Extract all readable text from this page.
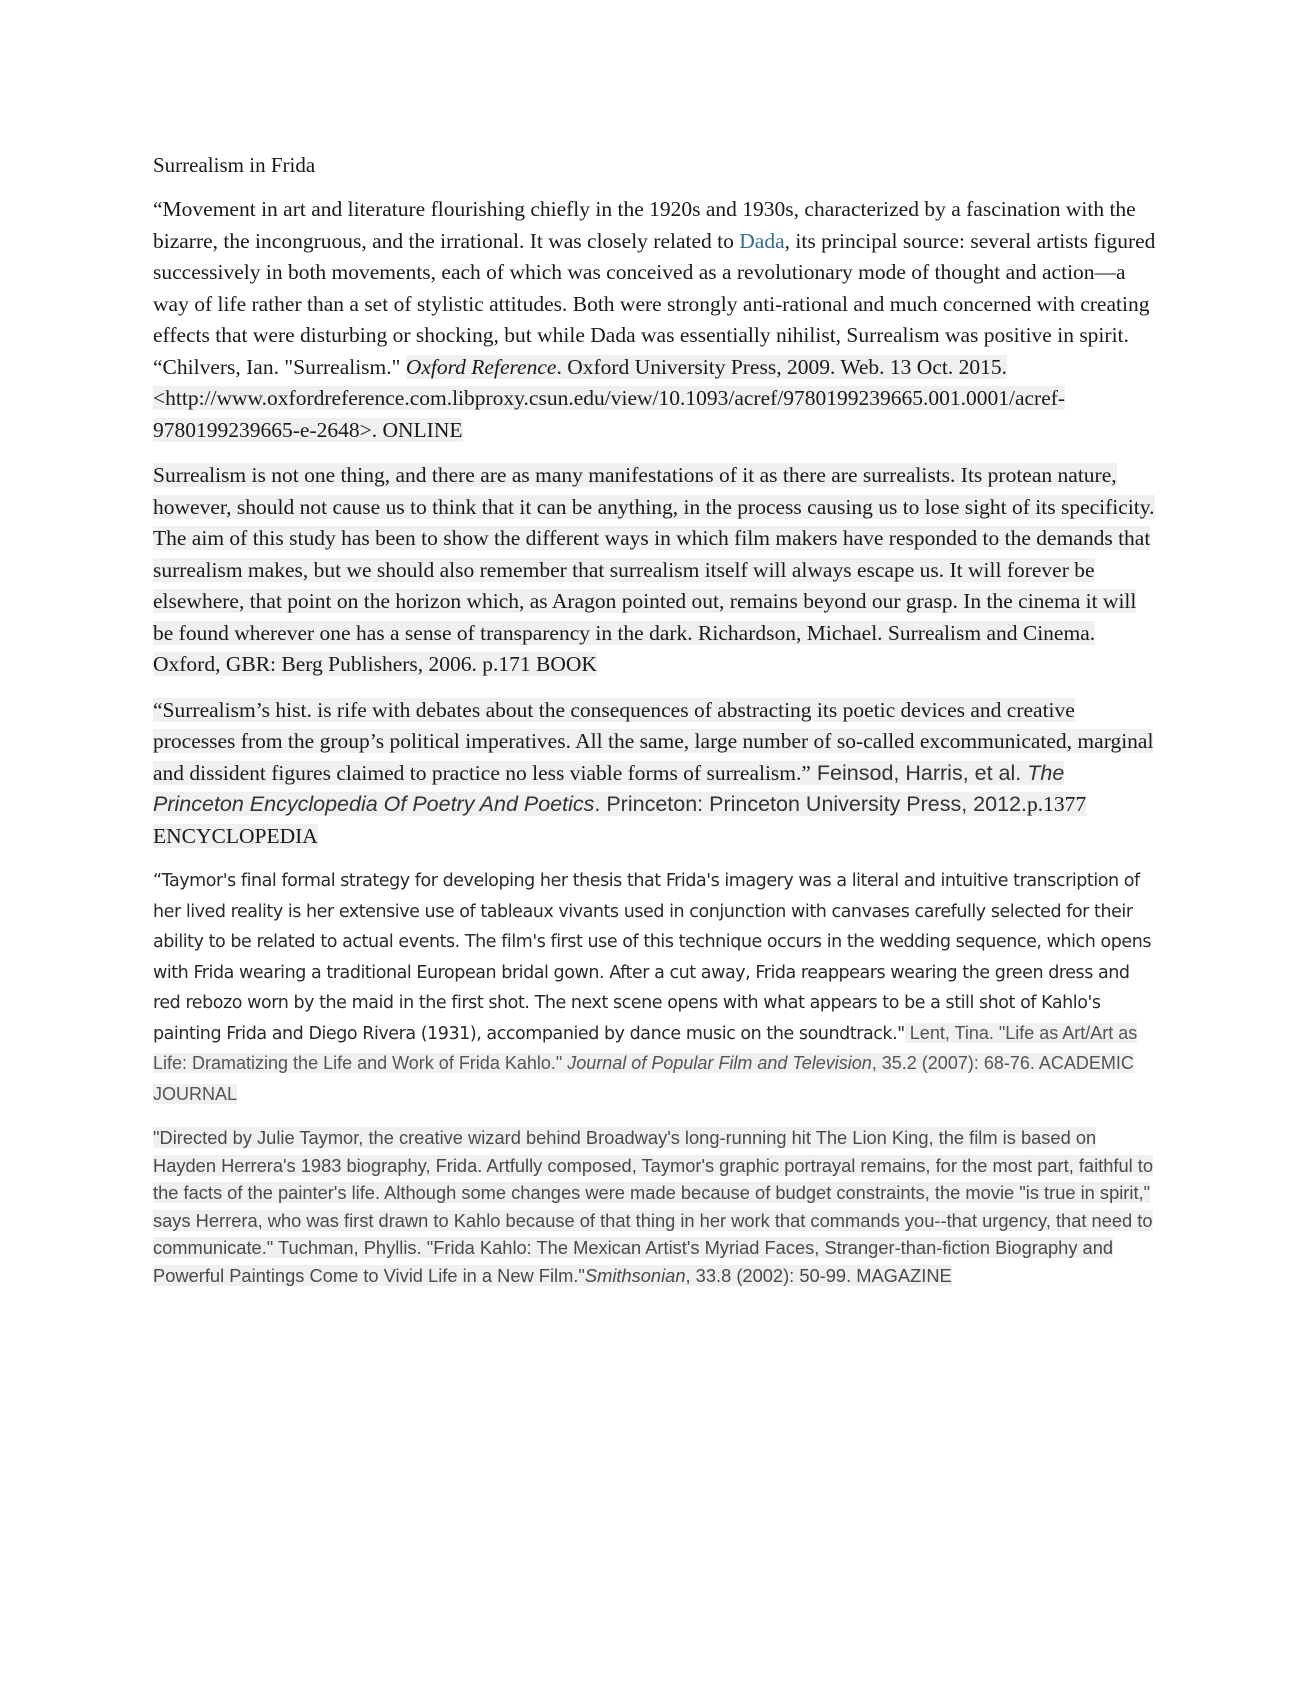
Surrealism in Frida

“Movement in art and literature flourishing chiefly in the 1920s and 1930s, characterized by a fascination with the bizarre, the incongruous, and the irrational. It was closely related to Dada, its principal source: several artists figured successively in both movements, each of which was conceived as a revolutionary mode of thought and action—a way of life rather than a set of stylistic attitudes. Both were strongly anti-rational and much concerned with creating effects that were disturbing or shocking, but while Dada was essentially nihilist, Surrealism was positive in spirit. “Chilvers, Ian. "Surrealism." Oxford Reference. Oxford University Press, 2009. Web. 13 Oct. 2015.
<http://www.oxfordreference.com.libproxy.csun.edu/view/10.1093/acref/9780199239665.001.0001/acref-9780199239665-e-2648>. ONLINE

Surrealism is not one thing, and there are as many manifestations of it as there are surrealists. Its protean nature, however, should not cause us to think that it can be anything, in the process causing us to lose sight of its specificity. The aim of this study has been to show the different ways in which film makers have responded to the demands that surrealism makes, but we should also remember that surrealism itself will always escape us. It will forever be elsewhere, that point on the horizon which, as Aragon pointed out, remains beyond our grasp. In the cinema it will be found wherever one has a sense of transparency in the dark. Richardson, Michael. Surrealism and Cinema. Oxford, GBR: Berg Publishers, 2006. p.171 BOOK

“Surrealism’s hist. is rife with debates about the consequences of abstracting its poetic devices and creative processes from the group’s political imperatives. All the same, large number of so-called excommunicated, marginal and dissident figures claimed to practice no less viable forms of surrealism.” Feinsod, Harris, et al. The Princeton Encyclopedia Of Poetry And Poetics. Princeton: Princeton University Press, 2012.p.1377 ENCYCLOPEDIA

“Taymor's final formal strategy for developing her thesis that Frida's imagery was a literal and intuitive transcription of her lived reality is her extensive use of tableaux vivants used in conjunction with canvases carefully selected for their ability to be related to actual events. The film's first use of this technique occurs in the wedding sequence, which opens with Frida wearing a traditional European bridal gown. After a cut away, Frida reappears wearing the green dress and red rebozo worn by the maid in the first shot. The next scene opens with what appears to be a still shot of Kahlo's painting Frida and Diego Rivera (1931), accompanied by dance music on the soundtrack." Lent, Tina. "Life as Art/Art as Life: Dramatizing the Life and Work of Frida Kahlo." Journal of Popular Film and Television, 35.2 (2007): 68-76. ACADEMIC JOURNAL

"Directed by Julie Taymor, the creative wizard behind Broadway's long-running hit The Lion King, the film is based on Hayden Herrera's 1983 biography, Frida. Artfully composed, Taymor's graphic portrayal remains, for the most part, faithful to the facts of the painter's life. Although some changes were made because of budget constraints, the movie "is true in spirit," says Herrera, who was first drawn to Kahlo because of that thing in her work that commands you--that urgency, that need to communicate." Tuchman, Phyllis. "Frida Kahlo: The Mexican Artist's Myriad Faces, Stranger-than-fiction Biography and Powerful Paintings Come to Vivid Life in a New Film."Smithsonian, 33.8 (2002): 50-99. MAGAZINE
